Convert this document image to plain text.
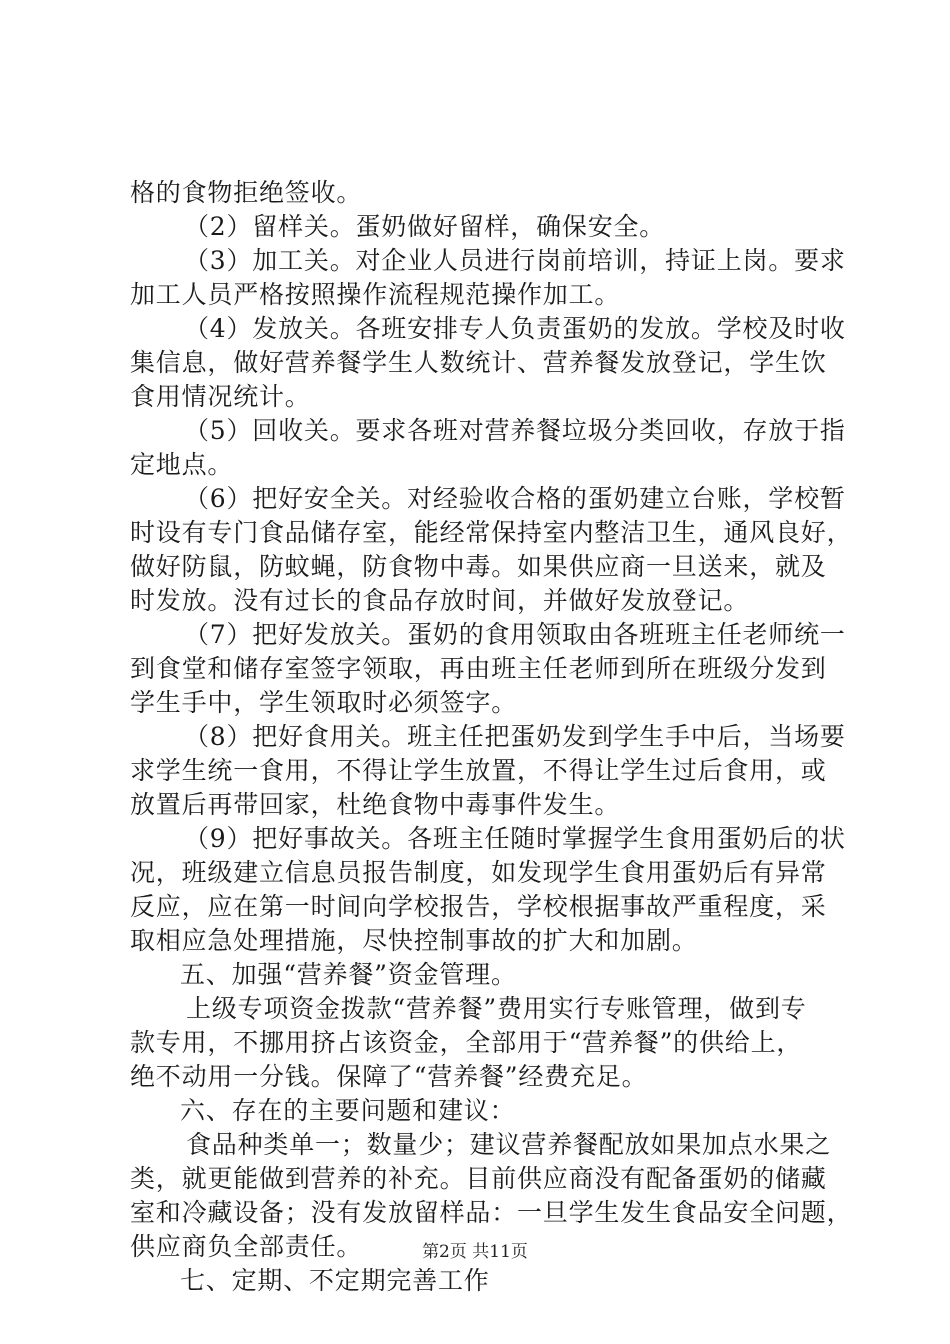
格的食物拒绝签收。
（2）留样关。蛋奶做好留样，确保安全。
（3）加工关。对企业人员进行岗前培训，持证上岗。要求
加工人员严格按照操作流程规范操作加工。
（4）发放关。各班安排专人负责蛋奶的发放。学校及时收
集信息，做好营养餐学生人数统计、营养餐发放登记，学生饮
食用情况统计。
（5）回收关。要求各班对营养餐垃圾分类回收，存放于指
定地点。
（6）把好安全关。对经验收合格的蛋奶建立台账，学校暂
时设有专门食品储存室，能经常保持室内整洁卫生，通风良好，
做好防鼠，防蚊蝇，防食物中毒。如果供应商一旦送来，就及
时发放。没有过长的食品存放时间，并做好发放登记。
（7）把好发放关。蛋奶的食用领取由各班班主任老师统一
到食堂和储存室签字领取，再由班主任老师到所在班级分发到
学生手中，学生领取时必须签字。
（8）把好食用关。班主任把蛋奶发到学生手中后，当场要
求学生统一食用，不得让学生放置，不得让学生过后食用，或
放置后再带回家，杜绝食物中毒事件发生。
（9）把好事故关。各班主任随时掌握学生食用蛋奶后的状
况，班级建立信息员报告制度，如发现学生食用蛋奶后有异常
反应，应在第一时间向学校报告，学校根据事故严重程度，采
取相应急处理措施，尽快控制事故的扩大和加剧。
五、加强“营养餐”资金管理。
上级专项资金拨款“营养餐”费用实行专账管理，做到专
款专用，不挪用挤占该资金，全部用于“营养餐”的供给上，
绝不动用一分钱。保障了“营养餐”经费充足。
六、存在的主要问题和建议：
食品种类单一；数量少；建议营养餐配放如果加点水果之
类，就更能做到营养的补充。目前供应商没有配备蛋奶的储藏
室和冷藏设备；没有发放留样品：一旦学生发生食品安全问题，
供应商负全部责任。
七、定期、不定期完善工作
第2页 共11页
